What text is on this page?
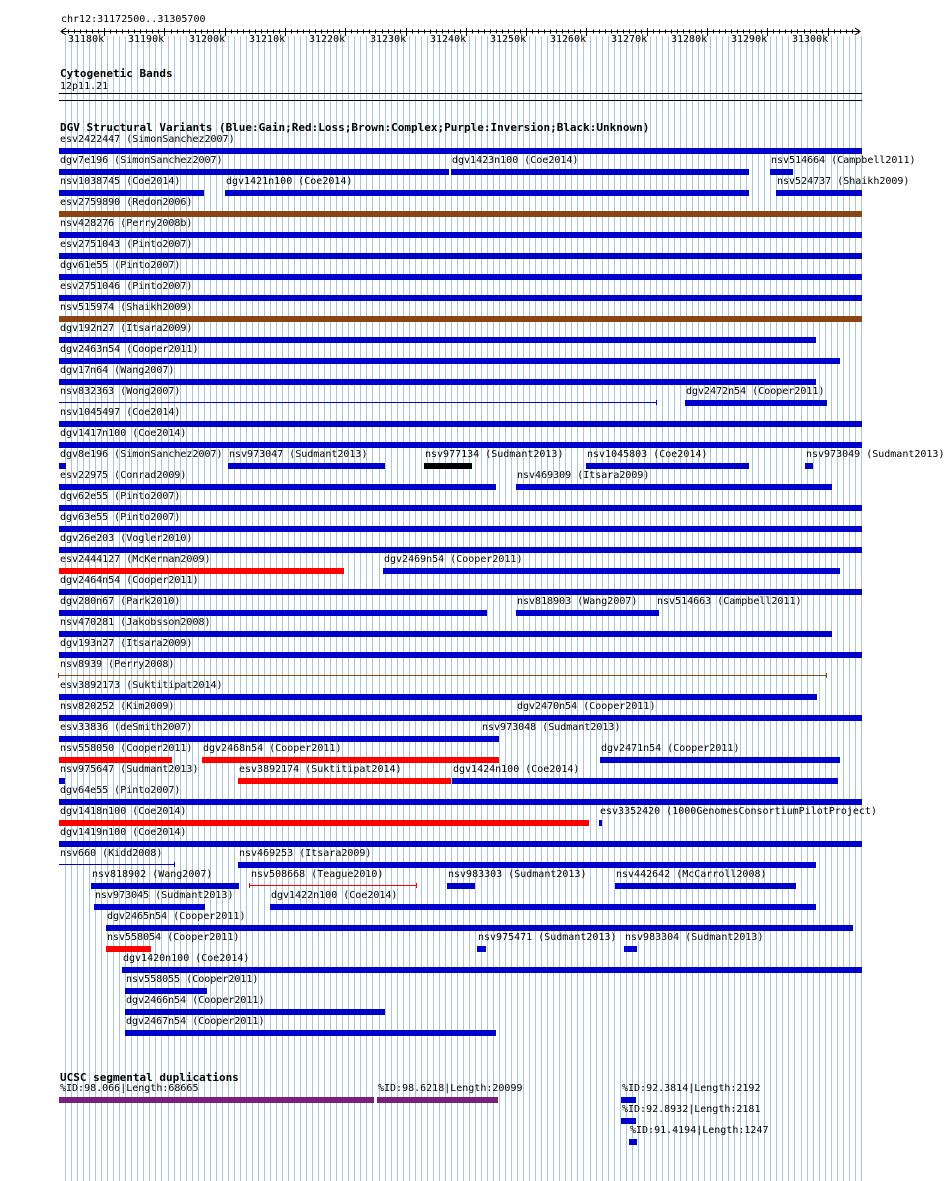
chr12:31172500..31305700
31180k 31190k 31200k 31210k 31220k 31230k 31240k 31250k 31260k 31270k 31280k 31290k 31300k
Cytogenetic Bands
12p11.21
DGV Structural Variants (Blue:Gain;Red:Loss;Brown:Complex;Purple:Inversion;Black:Unknown)
esv2422447 (SimonSanchez2007)
dgv7e196 (SimonSanchez2007)	dgv1423n100 (Coe2014)	nsv514664 (Campbell2011)
nsv1038745 (Coe2014)	dgv1421n100 (Coe2014)	nsv524737 (Shaikh2009)
esv2759890 (Redon2006)
nsv428276 (Perry2008b)
esv2751043 (Pinto2007)
dgv61e55 (Pinto2007)
esv2751046 (Pinto2007)
nsv515974 (Shaikh2009)
dgv192n27 (Itsara2009)
dgv2463n54 (Cooper2011)
dgv17n64 (Wang2007)
nsv832363 (Wong2007)	dgv2472n54 (Cooper2011)
nsv1045497 (Coe2014)
dgv1417n100 (Coe2014)
dgv8e196 (SimonSanchez2007) nsv973047 (Sudmant2013)	nsv977134 (Sudmant2013) nsv1045803 (Coe2014)	nsv973049 (Sudmant2013)
esv22975 (Conrad2009)	nsv469309 (Itsara2009)
dgv62e55 (Pinto2007)
dgv63e55 (Pinto2007)
dgv26e203 (Vogler2010)
esv2444127 (McKernan2009)	dgv2469n54 (Cooper2011)
dgv2464n54 (Cooper2011)
dgv280n67 (Park2010)	nsv818903 (Wang2007) nsv514663 (Campbell2011)
nsv470281 (Jakobsson2008)
dgv193n27 (Itsara2009)
nsv8939 (Perry2008)
esv3892173 (Suktitipat2014)
nsv820252 (Kim2009)	dgv2470n54 (Cooper2011)
esv33836 (deSmith2007)	nsv973048 (Sudmant2013)
nsv558050 (Cooper2011) dgv2468n54 (Cooper2011)	dgv2471n54 (Cooper2011)
nsv975647 (Sudmant2013)	esv3892174 (Suktitipat2014)	dgv1424n100 (Coe2014)
dgv64e55 (Pinto2007)
dgv1418n100 (Coe2014)	esv3352420 (1000GenomesConsortiumPilotProject)
dgv1419n100 (Coe2014)
nsv660 (Kidd2008)	nsv469253 (Itsara2009)
nsv818902 (Wang2007)	nsv508668 (Teague2010)	nsv983303 (Sudmant2013)	nsv442642 (McCarroll2008)
nsv973045 (Sudmant2013)	dgv1422n100 (Coe2014)
dgv2465n54 (Cooper2011)
nsv558054 (Cooper2011)	nsv975471 (Sudmant2013) nsv983304 (Sudmant2013)
dgv1420n100 (Coe2014)
nsv558055 (Cooper2011)
dgv2466n54 (Cooper2011)
dgv2467n54 (Cooper2011)
UCSC segmental duplications
%ID:98.066|Length:68665	%ID:98.6218|Length:20099	%ID:92.3814|Length:2192
%ID:92.8932|Length:2181
%ID:91.4194|Length:1247
